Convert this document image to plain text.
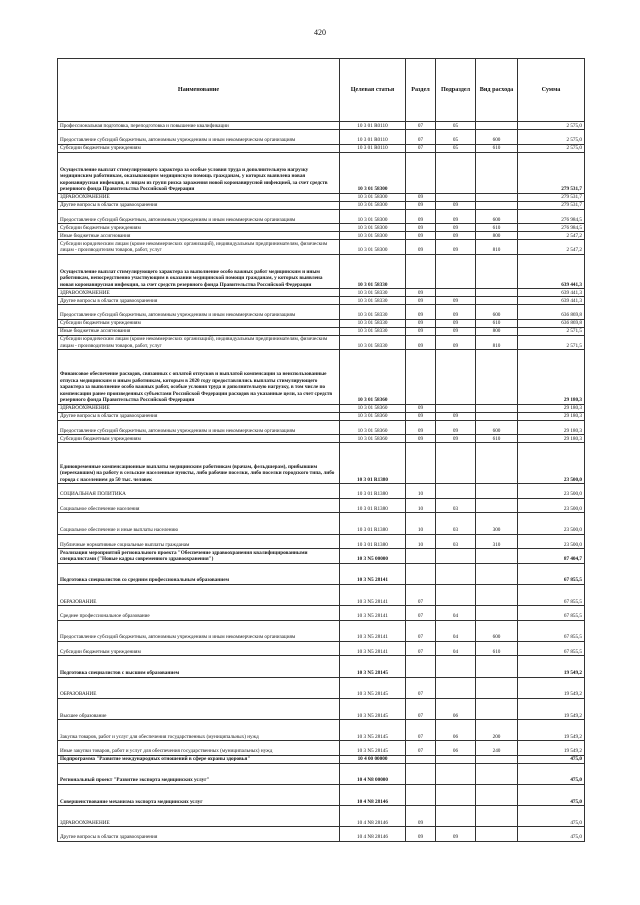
420
Наименование	Целевая статья	Раздел	Подраздел	Вид расхода	Сумма
Профессиональная подготовка, переподготовка и повышение квалификации	10 3 01 R0110	07	05		2 575,0
Предоставление субсидий бюджетным, автономным учреждениям и иным некоммерческим организациям	10 3 01 R0110	07	05	600	2 575,0
Субсидии бюджетным учреждениям	10 3 01 R0110	07	05	610	2 575,0
Осуществление выплат стимулирующего характера за особые условия труда и дополнительную нагрузку медицинским работникам, оказывающим медицинскую помощь гражданам, у которых выявлена новая коронавирусная инфекция, и лицам из групп риска заражения новой коронавирусной инфекцией, за счет средств резервного фонда Правительства Российской Федерации	10 3 01 58300				279 531,7
ЗДРАВООХРАНЕНИЕ	10 3 01 58300	09			279 531,7
Другие вопросы в области здравоохранения	10 3 01 58300	09	09		279 531,7
Предоставление субсидий бюджетным, автономным учреждениям и иным некоммерческим организациям	10 3 01 58300	09	09	600	276 984,5
Субсидии бюджетным учреждениям	10 3 01 58300	09	09	610	276 984,5
Иные бюджетные ассигнования	10 3 01 58300	09	09	800	2 547,2
Субсидии юридическим лицам (кроме некоммерческих организаций), индивидуальным предпринимателям, физическим лицам - производителям товаров, работ, услуг	10 3 01 58300	09	09	810	2 547,2
Осуществление выплат стимулирующего характера за выполнение особо важных работ медицинским и иным работникам, непосредственно участвующим в оказании медицинской помощи гражданам, у которых выявлена новая коронавирусная инфекция, за счет средств резервного фонда Правительства Российской Федерации	10 3 01 58330				639 441,3
ЗДРАВООХРАНЕНИЕ	10 3 01 58330	09			639 441,3
Другие вопросы в области здравоохранения	10 3 01 58330	09	09		639 441,3
Предоставление субсидий бюджетным, автономным учреждениям и иным некоммерческим организациям	10 3 01 58330	09	09	600	636 869,8
Субсидии бюджетным учреждениям	10 3 01 58330	09	09	610	636 869,8
Иные бюджетные ассигнования	10 3 01 58330	09	09	800	2 571,5
Субсидии юридическим лицам (кроме некоммерческих организаций), индивидуальным предпринимателям, физическим лицам - производителям товаров, работ, услуг	10 3 01 58330	09	09	810	2 571,5
Финансовое обеспечение расходов, связанных с оплатой отпусков и выплатой компенсации за неиспользованные отпуска медицинским и иным работникам, которым в 2020 году предоставлялись выплаты стимулирующего характера за выполнение особо важных работ, особые условия труда и дополнительную нагрузку, в том числе по компенсации ранее произведенных субъектами Российской Федерации расходов на указанные цели, за счет средств резервного фонда Правительства Российской Федерации	10 3 01 58360				29 180,3
ЗДРАВООХРАНЕНИЕ	10 3 01 58360	09			29 180,3
Другие вопросы в области здравоохранения	10 3 01 58360	09	09		29 180,3
Предоставление субсидий бюджетным, автономным учреждениям и иным некоммерческим организациям	10 3 01 58360	09	09	600	29 180,3
Субсидии бюджетным учреждениям	10 3 01 58360	09	09	610	29 180,3
Единовременные компенсационные выплаты медицинским работникам (врачам, фельдшерам), прибывшим (переехавшим) на работу в сельские населенные пункты, либо рабочие поселки, либо поселки городского типа, либо города с населением до 50 тыс. человек	10 3 01 R1380				23 500,0
СОЦИАЛЬНАЯ ПОЛИТИКА	10 3 01 R1380	10			23 500,0
Социальное обеспечение населения	10 3 01 R1380	10	03		23 500,0
Социальное обеспечение и иные выплаты населению	10 3 01 R1380	10	03	300	23 500,0
Публичные нормативные социальные выплаты гражданам	10 3 01 R1380	10	03	310	23 500,0
Реализация мероприятий регионального проекта "Обеспечение здравоохранения квалифицированными специалистами ("Новые кадры современного здравоохранения")	10 3 N5 00000				87 404,7
Подготовка специалистов со средним профессиональным образованием	10 3 N5 28141				67 855,5
ОБРАЗОВАНИЕ	10 3 N5 28141	07			67 855,5
Среднее профессиональное образование	10 3 N5 28141	07	04		67 855,5
Предоставление субсидий бюджетным, автономным учреждениям и иным некоммерческим организациям	10 3 N5 28141	07	04	600	67 855,5
Субсидии бюджетным учреждениям	10 3 N5 28141	07	04	610	67 855,5
Подготовка специалистов с высшим образованием	10 3 N5 28145				19 549,2
ОБРАЗОВАНИЕ	10 3 N5 28145	07			19 549,2
Высшее образование	10 3 N5 28145	07	06		19 549,2
Закупка товаров, работ и услуг для обеспечения государственных (муниципальных) нужд	10 3 N5 28145	07	06	200	19 549,2
Иные закупки товаров, работ и услуг для обеспечения государственных (муниципальных) нужд	10 3 N5 28145	07	06	240	19 549,2
Подпрограмма "Развитие международных отношений в сфере охраны здоровья"	10 4 00 00000				475,0
Региональный проект "Развитие экспорта медицинских услуг"	10 4 N8 00000				475,0
Совершенствование механизма экспорта медицинских услуг	10 4 N8 28146				475,0
ЗДРАВООХРАНЕНИЕ	10 4 N8 28146	09			475,0
Другие вопросы в области здравоохранения	10 4 N8 28146	09	09		475,0
